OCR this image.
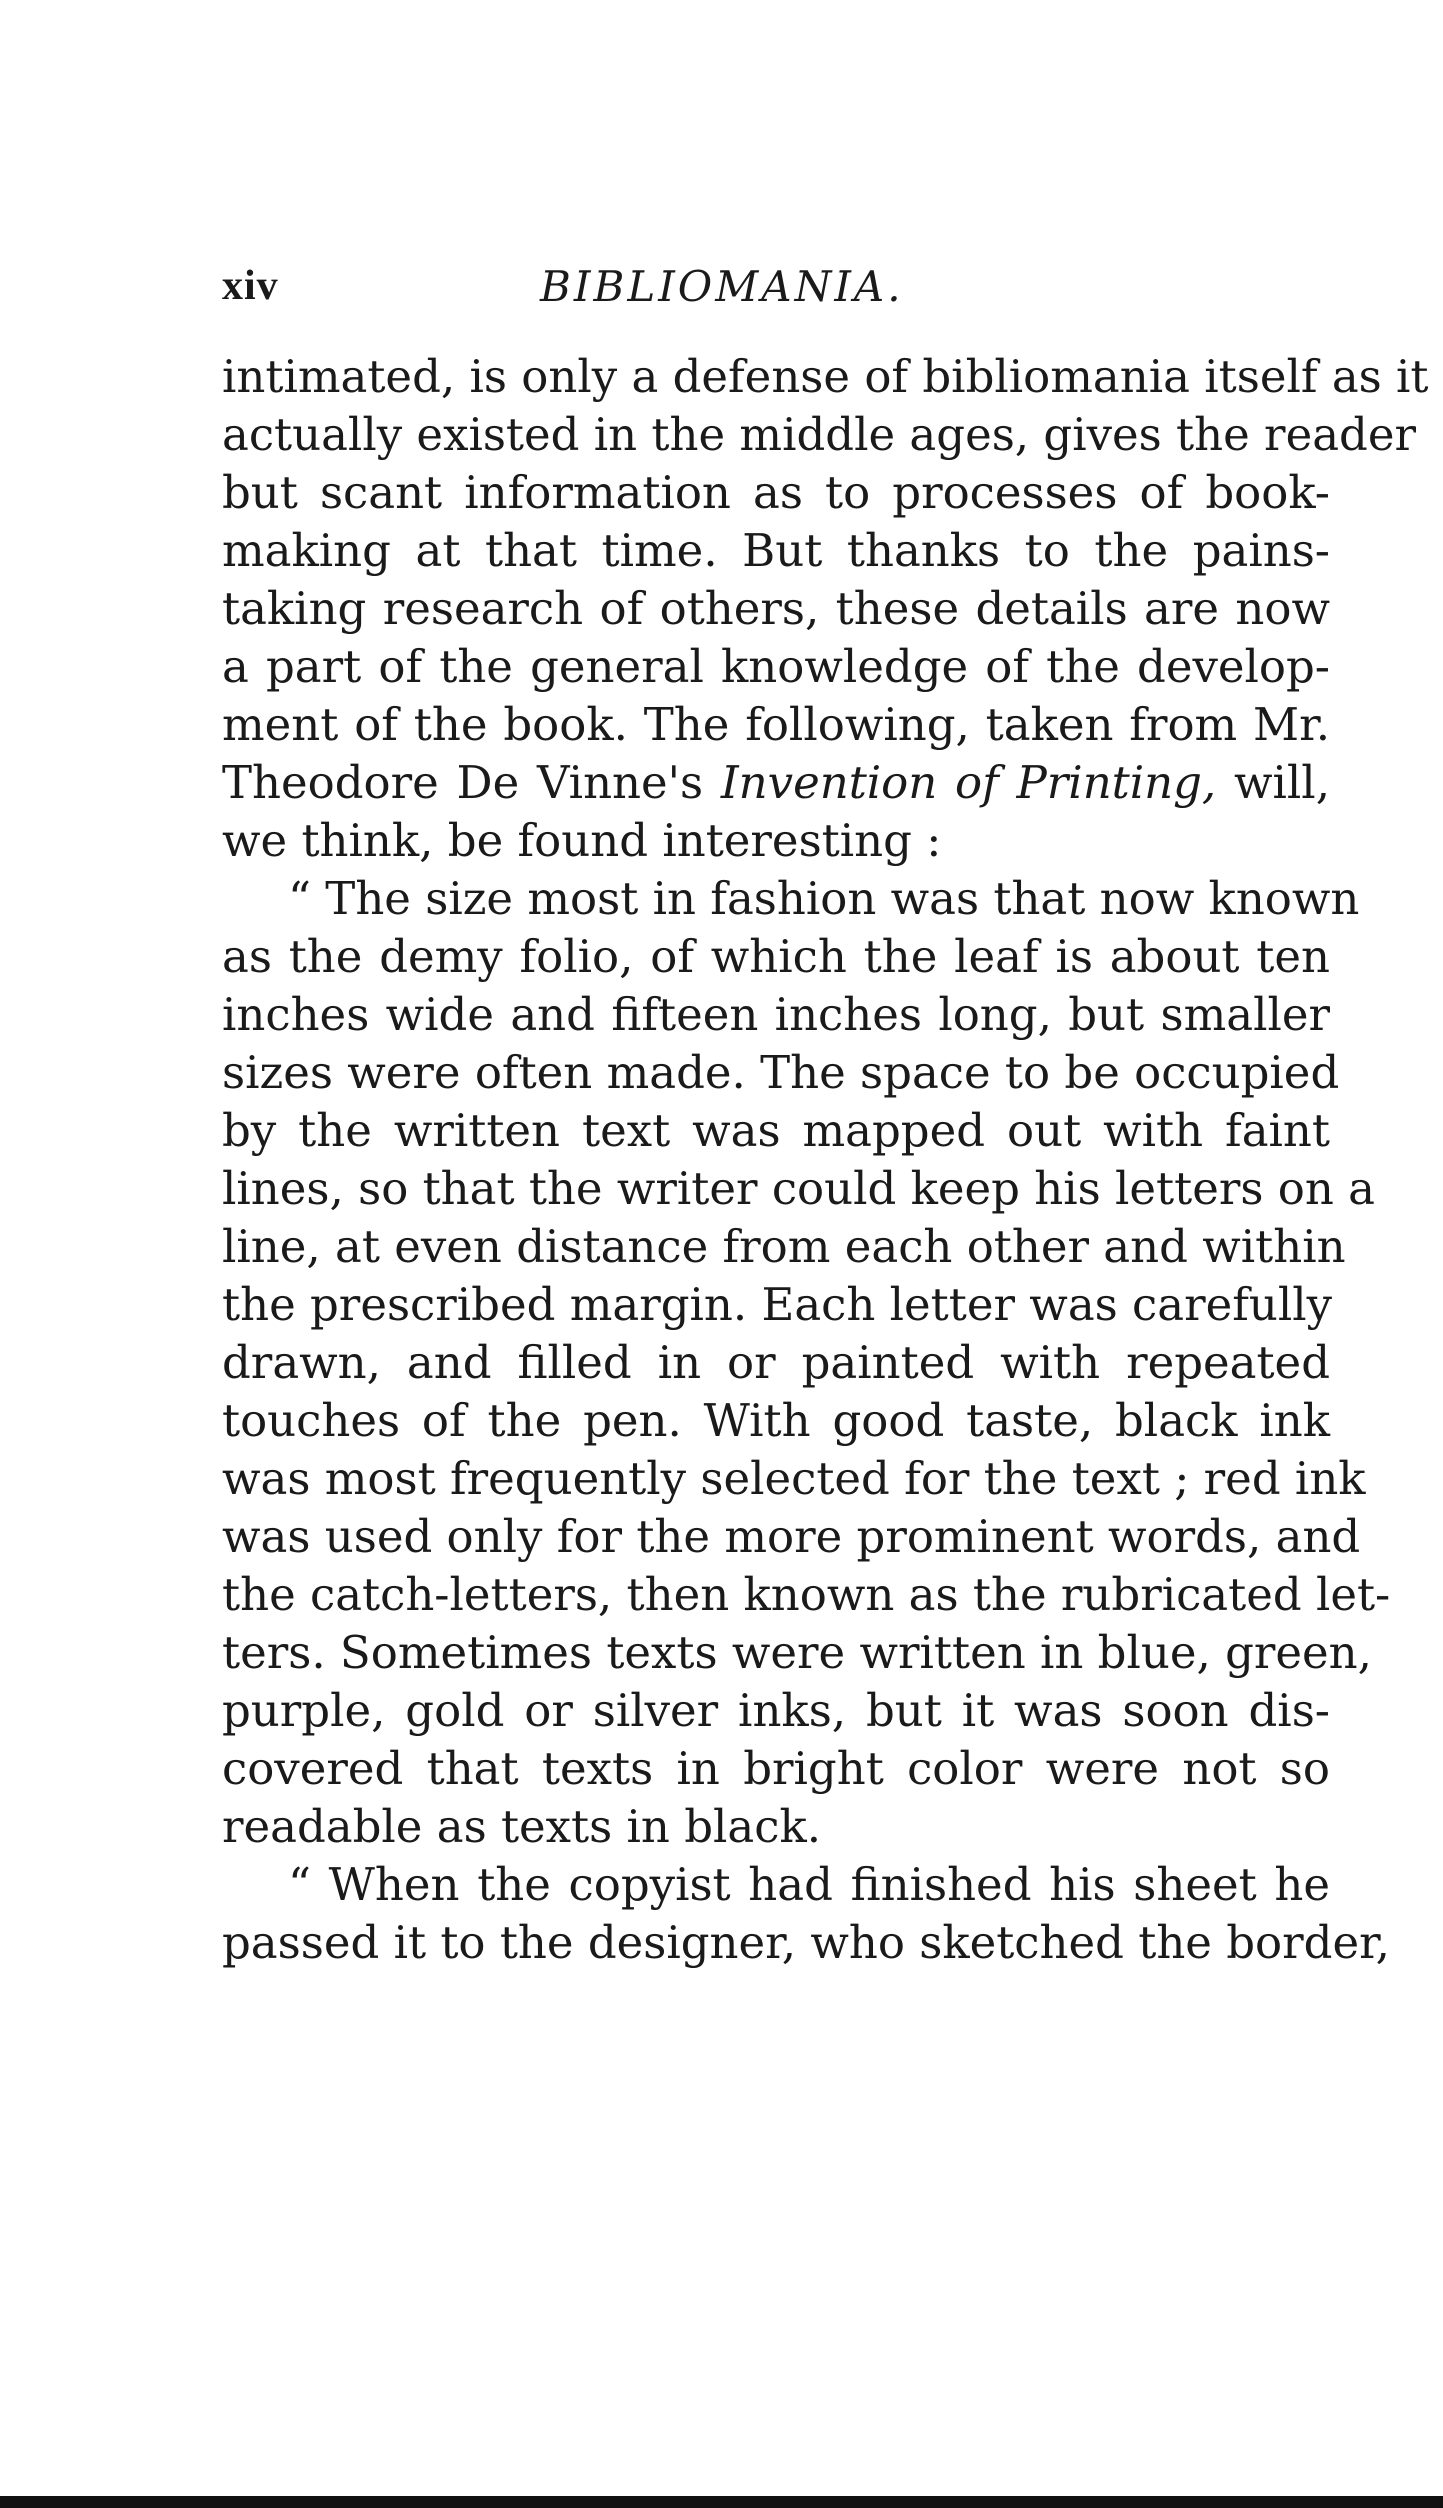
xiv	BIBLIOMANIA.
intimated, is only a defense of bibliomania itself as it
actually existed in the middle ages, gives the reader
but scant information as to processes of book-
making at that time. But thanks to the pains-
taking research of others, these details are now
a part of the general knowledge of the develop-
ment of the book. The following, taken from Mr.
Theodore De Vinne's Invention of Printing, will,
we think, be found interesting :
“ The size most in fashion was that now known
as the demy folio, of which the leaf is about ten
inches wide and fifteen inches long, but smaller
sizes were often made. The space to be occupied
by the written text was mapped out with faint
lines, so that the writer could keep his letters on a
line, at even distance from each other and within
the prescribed margin. Each letter was carefully
drawn, and filled in or painted with repeated
touches of the pen. With good taste, black ink
was most frequently selected for the text ; red ink
was used only for the more prominent words, and
the catch-letters, then known as the rubricated let-
ters. Sometimes texts were written in blue, green,
purple, gold or silver inks, but it was soon dis-
covered that texts in bright color were not so
readable as texts in black.
“ When the copyist had finished his sheet he
passed it to the designer, who sketched the border,
